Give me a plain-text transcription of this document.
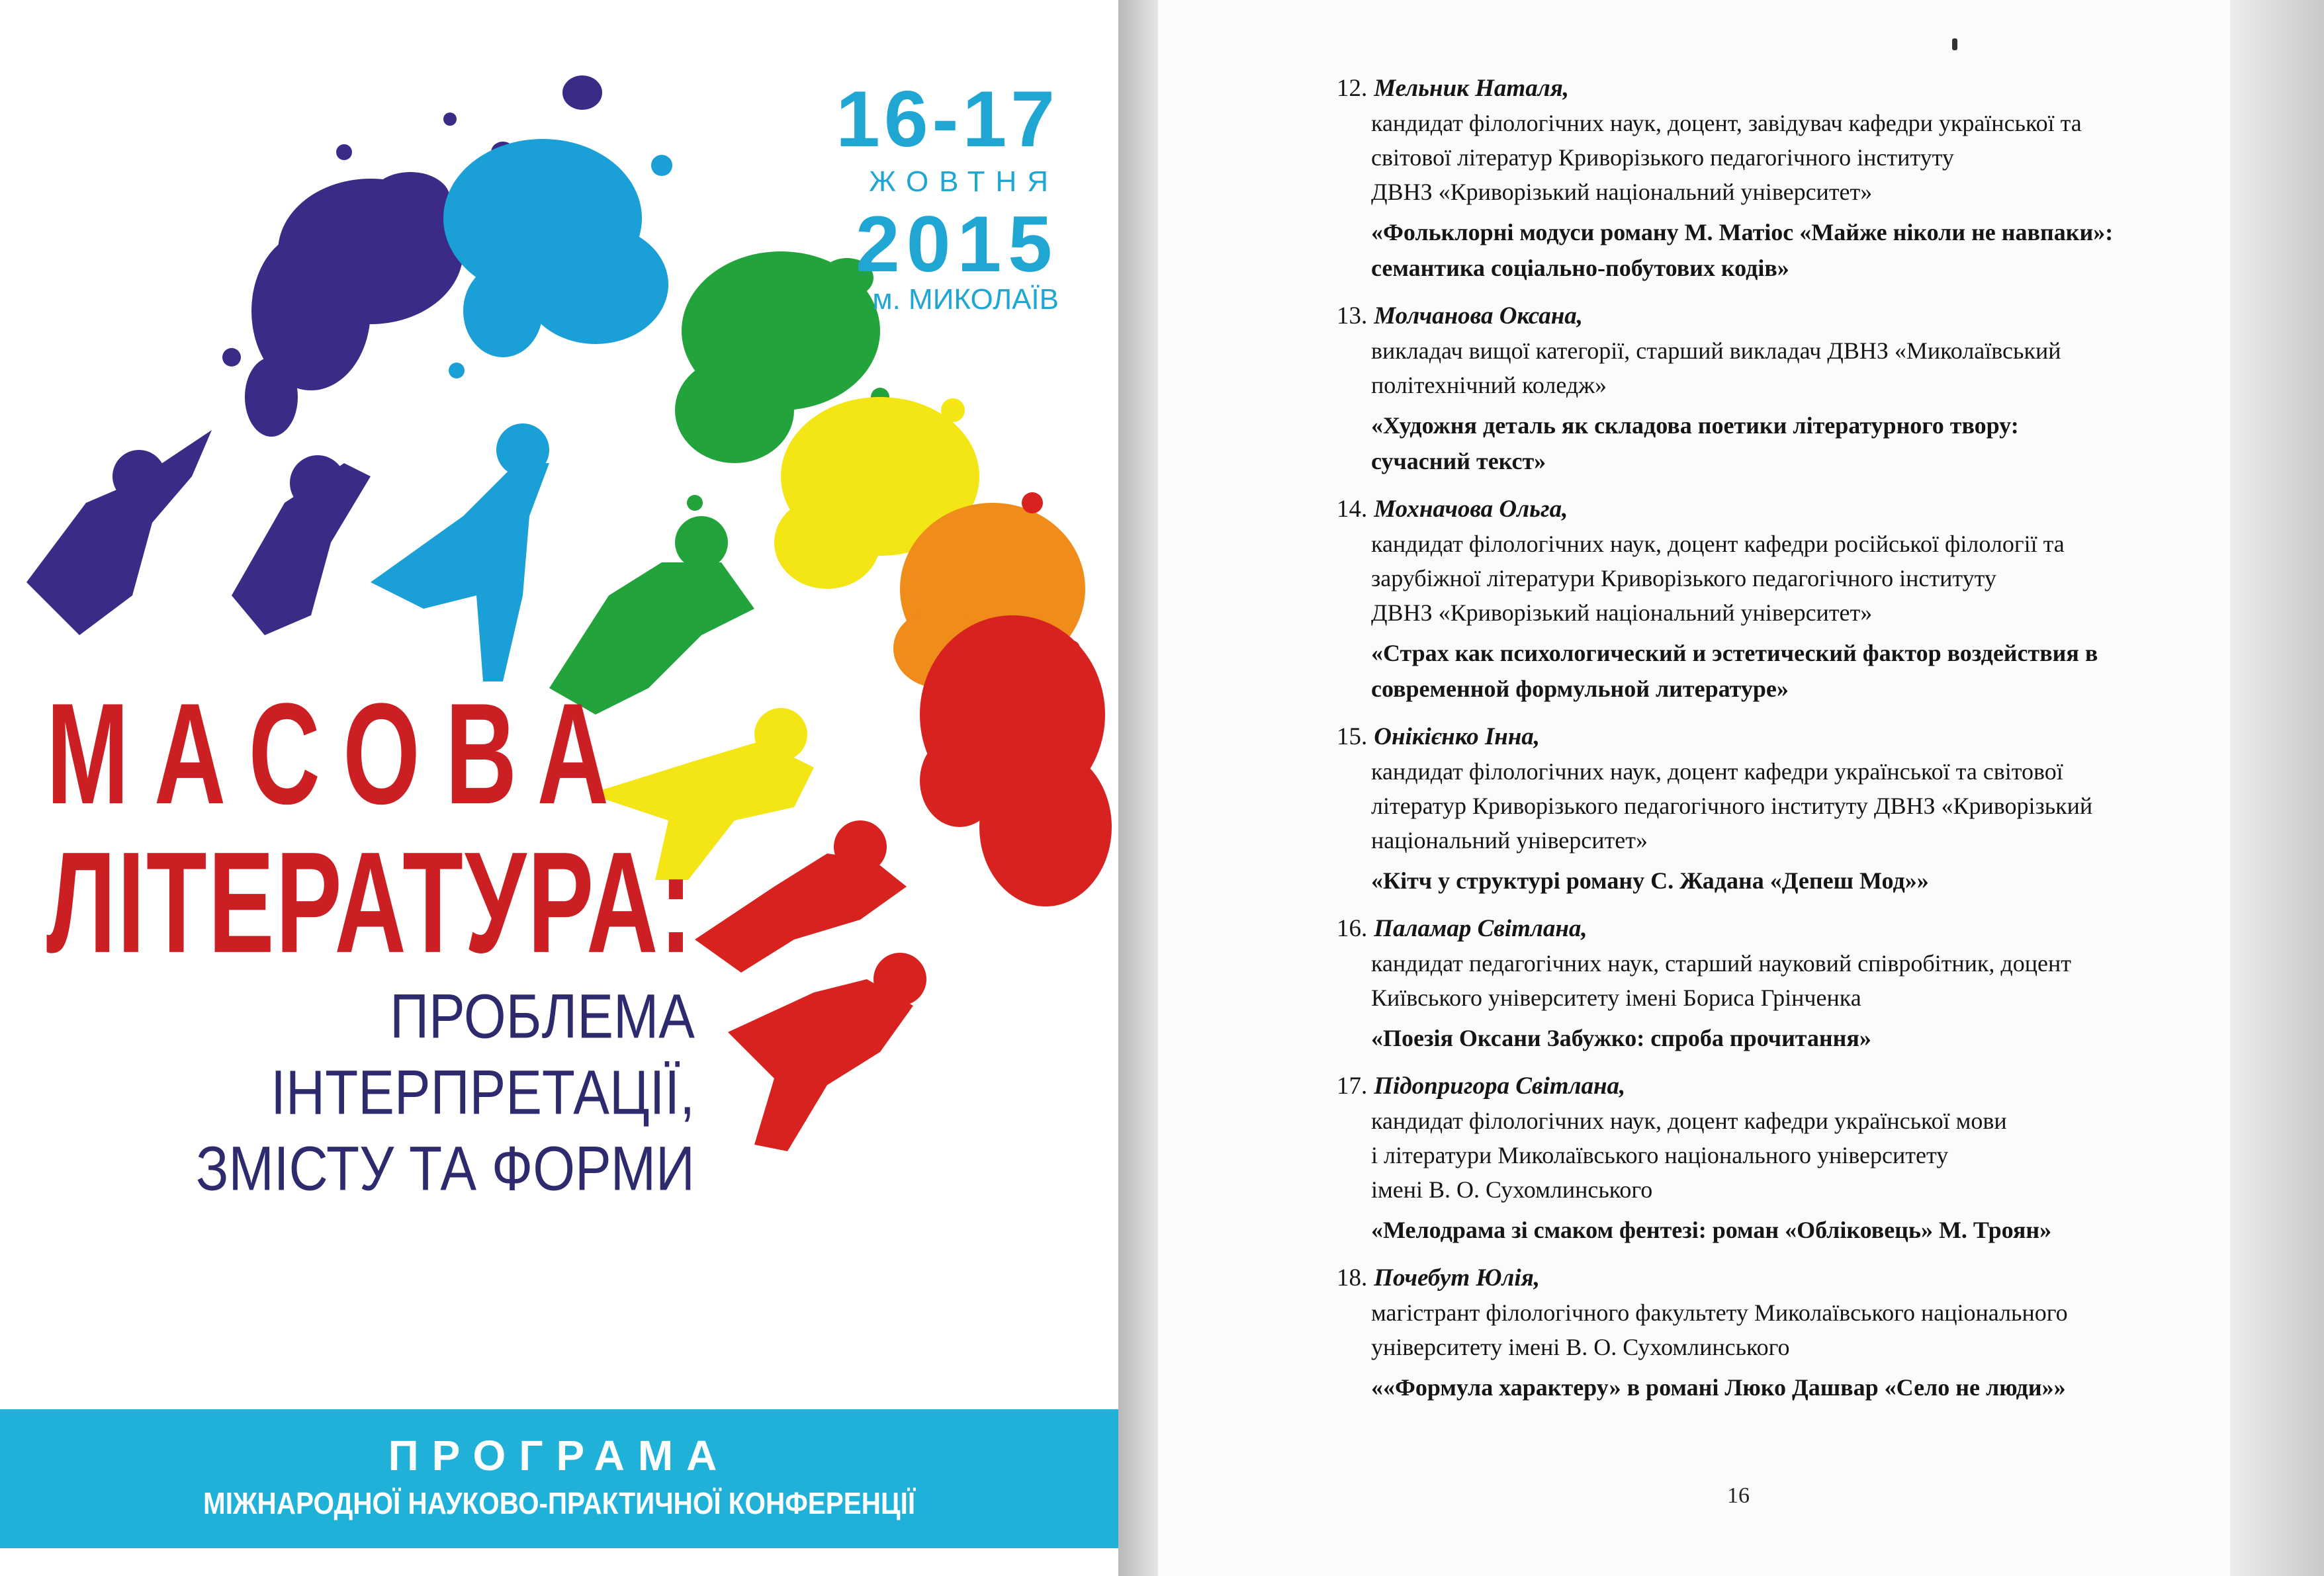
16-17
ЖОВТНЯ
2015
м. МИКОЛАЇВ
МАСОВА
ЛІТЕРАТУРА:
ПРОБЛЕМА
ІНТЕРПРЕТАЦІЇ,
ЗМІСТУ ТА ФОРМИ
ПРОГРАМА
МІЖНАРОДНОЇ НАУКОВО-ПРАКТИЧНОЇ КОНФЕРЕНЦІЇ
12. Мельник Наталя,
кандидат філологічних наук, доцент, завідувач кафедри української та
світової літератур Криворізького педагогічного інституту
ДВНЗ «Криворізький національний університет»
«Фольклорні модуси роману М. Матіос «Майже ніколи не навпаки»:
семантика соціально-побутових кодів»
13. Молчанова Оксана,
викладач вищої категорії, старший викладач ДВНЗ «Миколаївський
політехнічний коледж»
«Художня деталь як складова поетики літературного твору:
сучасний текст»
14. Мохначова Ольга,
кандидат філологічних наук, доцент кафедри російської філології та
зарубіжної літератури Криворізького педагогічного інституту
ДВНЗ «Криворізький національний університет»
«Страх как психологический и эстетический фактор воздействия в
современной формульной литературе»
15. Онікієнко Інна,
кандидат філологічних наук, доцент кафедри української та світової
літератур Криворізького педагогічного інституту ДВНЗ «Криворізький
національний університет»
«Кітч у структурі роману С. Жадана «Депеш Мод»»
16. Паламар Світлана,
кандидат педагогічних наук, старший науковий співробітник, доцент
Київського університету імені Бориса Грінченка
«Поезія Оксани Забужко: спроба прочитання»
17. Підопригора Світлана,
кандидат філологічних наук, доцент кафедри української мови
і літератури Миколаївського національного університету
імені В. О. Сухомлинського
«Мелодрама зі смаком фентезі: роман «Обліковець» М. Троян»
18. Почебут Юлія,
магістрант філологічного факультету Миколаївського національного
університету імені В. О. Сухомлинського
««Формула характеру» в романі Люко Дашвар «Село не люди»»
16
